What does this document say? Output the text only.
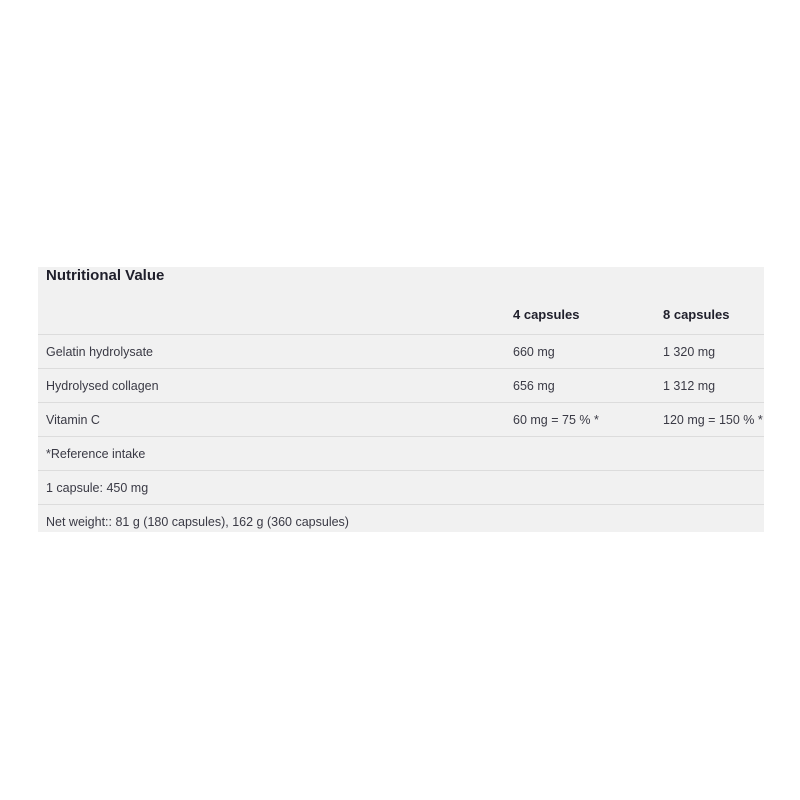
Nutritional Value
	4 capsules	8 capsules
Gelatin hydrolysate	660 mg	1 320 mg
Hydrolysed collagen	656 mg	1 312 mg
Vitamin C	60 mg = 75 % *	120 mg = 150 % *
*Reference intake		
1 capsule: 450 mg		
Net weight:: 81 g (180 capsules), 162 g (360 capsules)		
